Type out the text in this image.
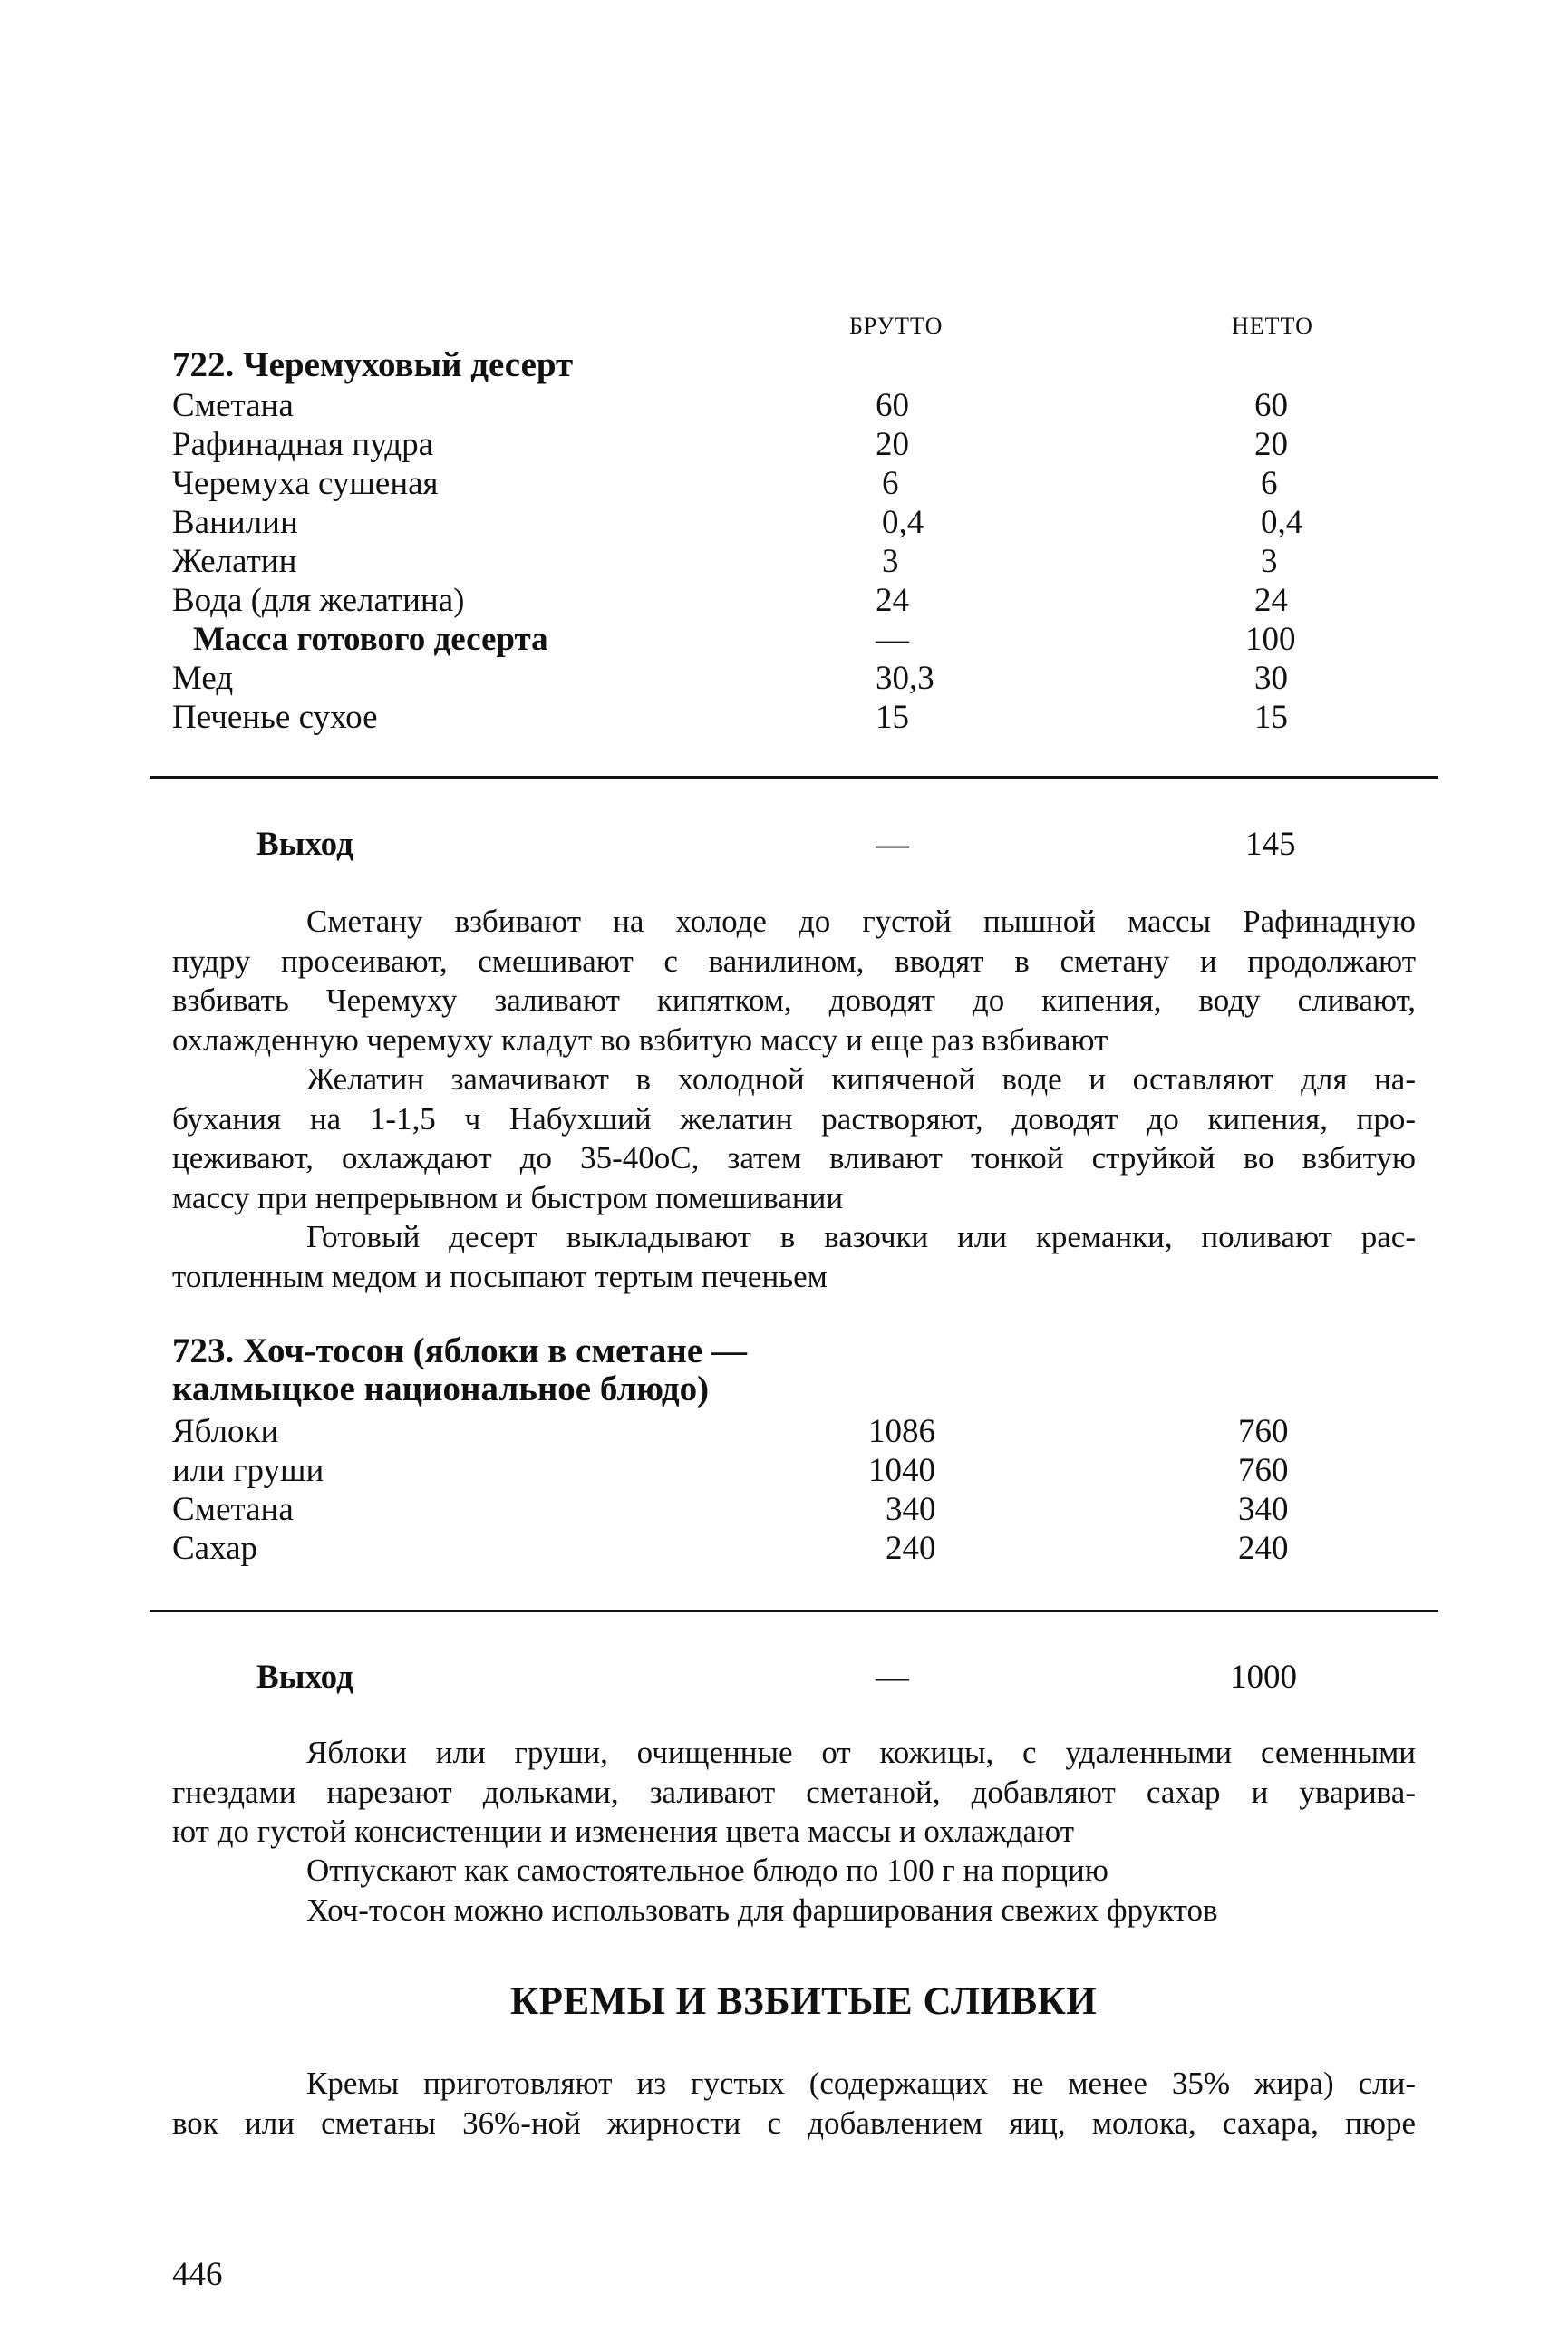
БРУТТО	НЕТТО
722. Черемуховый десерт
Сметана	60	60
Рафинадная пудра	20	20
Черемуха сушеная	6	6
Ванилин	0,4	0,4
Желатин	3	3
Вода (для желатина)	24	24
Масса готового десерта	—	100
Мед	30,3	30
Печенье сухое	15	15
Выход	—	145
Сметану взбивают на холоде до густой пышной массы Рафинадную
пудру просеивают, смешивают с ванилином, вводят в сметану и продолжают
взбивать Черемуху заливают кипятком, доводят до кипения, воду сливают,
охлажденную черемуху кладут во взбитую массу и еще раз взбивают
Желатин замачивают в холодной кипяченой воде и оставляют для на-
бухания на 1-1,5 ч Набухший желатин растворяют, доводят до кипения, про-
цеживают, охлаждают до 35-40оС, затем вливают тонкой струйкой во взбитую
массу при непрерывном и быстром помешивании
Готовый десерт выкладывают в вазочки или креманки, поливают рас-
топленным медом и посыпают тертым печеньем
723. Хоч-тосон (яблоки в сметане —
калмыцкое национальное блюдо)
Яблоки	1086	760
или груши	1040	760
Сметана	340	340
Сахар	240	240
Выход	—	1000
Яблоки или груши, очищенные от кожицы, с удаленными семенными
гнездами нарезают дольками, заливают сметаной, добавляют сахар и уварива-
ют до густой консистенции и изменения цвета массы и охлаждают
Отпускают как самостоятельное блюдо по 100 г на порцию
Хоч-тосон можно использовать для фарширования свежих фруктов
КРЕМЫ И ВЗБИТЫЕ СЛИВКИ
Кремы приготовляют из густых (содержащих не менее 35% жира) сли-
вок или сметаны 36%-ной жирности с добавлением яиц, молока, сахара, пюре
446
